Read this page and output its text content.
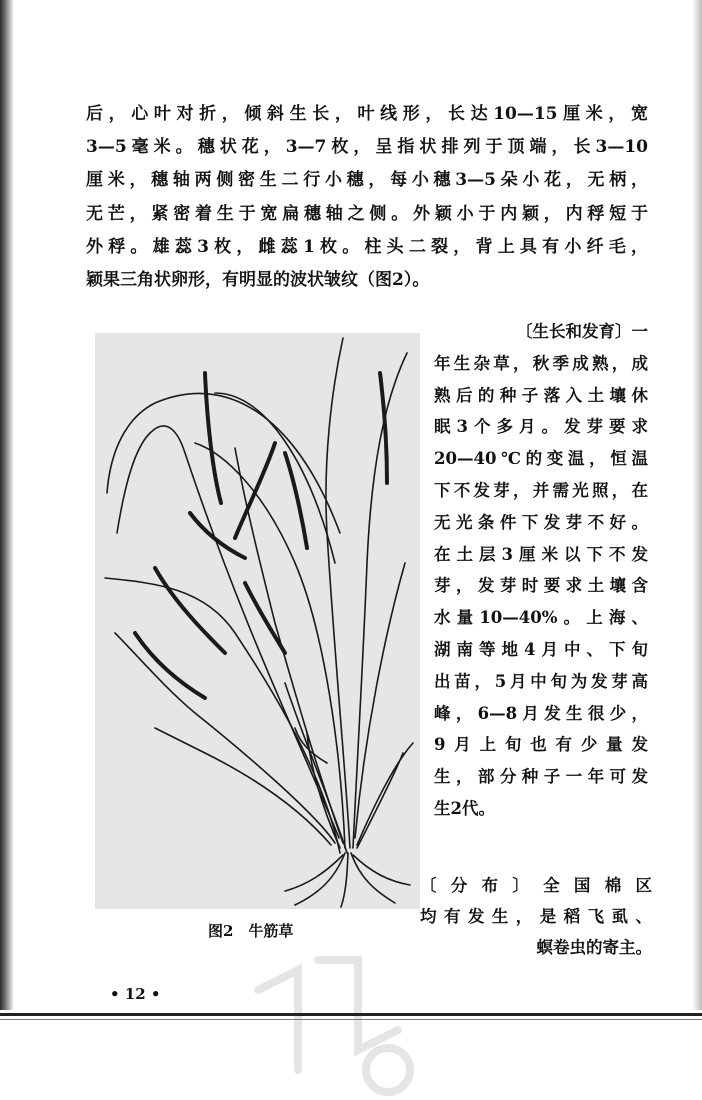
后，心叶对折，倾斜生长，叶线形，长达10—15厘米，宽
3—5毫米。穗状花，3—7枚，呈指状排列于顶端，长3—10
厘米，穗轴两侧密生二行小穗，每小穗3—5朵小花，无柄，
无芒，紧密着生于宽扁穗轴之侧。外颖小于内颖，内稃短于
外稃。雄蕊3枚，雌蕊1枚。柱头二裂，背上具有小纤毛，
颖果三角状卵形，有明显的波状皱纹（图2）。
〔生长和发育〕一
年生杂草，秋季成熟，成
熟后的种子落入土壤休
眠3个多月。发芽要求
20—40℃的变温，恒温
下不发芽，并需光照，在
无光条件下发芽不好。
在土层3厘米以下不发
芽，发芽时要求土壤含
水量10—40%。上海、
湖南等地4月中、下旬
出苗，5月中旬为发芽高
峰，6—8月发生很少，
9月上旬也有少量发
生，部分种子一年可发
生2代。
〔分布〕全国棉区
均有发生，是稻飞虱、
螟卷虫的寄主。
图2　牛筋草
• 12 •
